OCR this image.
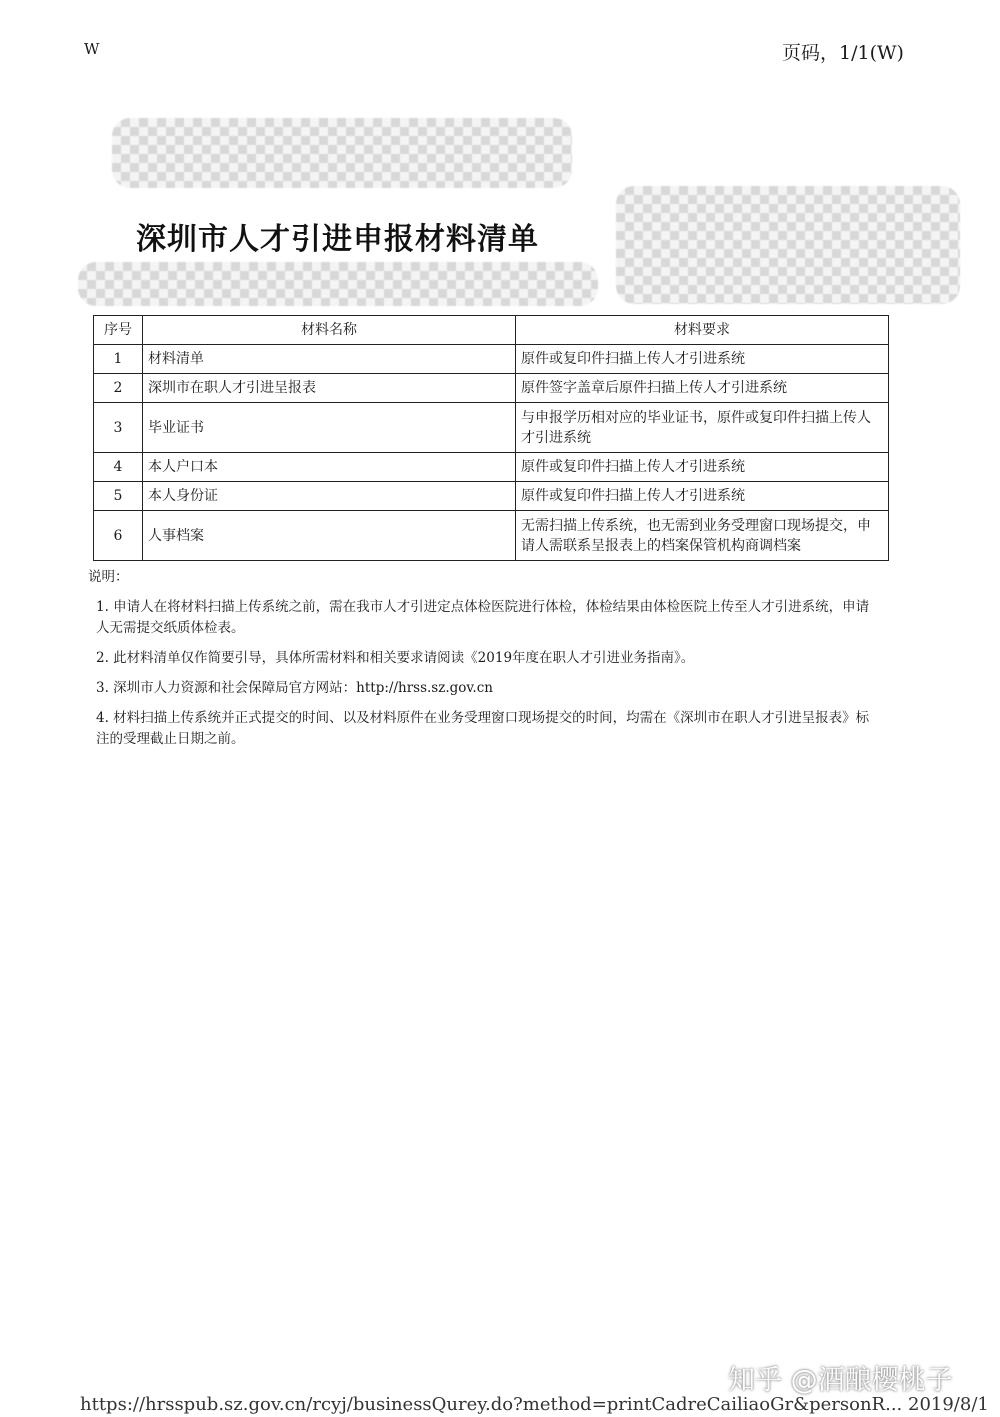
W	页码，1/1(W)
深圳市人才引进申报材料清单
序号	材料名称	材料要求
1	材料清单	原件或复印件扫描上传人才引进系统
2	深圳市在职人才引进呈报表	原件签字盖章后原件扫描上传人才引进系统
3	毕业证书	与申报学历相对应的毕业证书，原件或复印件扫描上传人才引进系统
4	本人户口本	原件或复印件扫描上传人才引进系统
5	本人身份证	原件或复印件扫描上传人才引进系统
6	人事档案	无需扫描上传系统，也无需到业务受理窗口现场提交，申请人需联系呈报表上的档案保管机构商调档案

说明：

1. 申请人在将材料扫描上传系统之前，需在我市人才引进定点体检医院进行体检，体检结果由体检医院上传至人才引进系统，申请人无需提交纸质体检表。

2. 此材料清单仅作简要引导，具体所需材料和相关要求请阅读《2019年度在职人才引进业务指南》。

3. 深圳市人力资源和社会保障局官方网站：http://hrss.sz.gov.cn

4. 材料扫描上传系统并正式提交的时间、以及材料原件在业务受理窗口现场提交的时间，均需在《深圳市在职人才引进呈报表》标注的受理截止日期之前。

知乎 @酒酿樱桃子
https://hrsspub.sz.gov.cn/rcyj/businessQurey.do?method=printCadreCailiaoGr&personR... 2019/8/1
